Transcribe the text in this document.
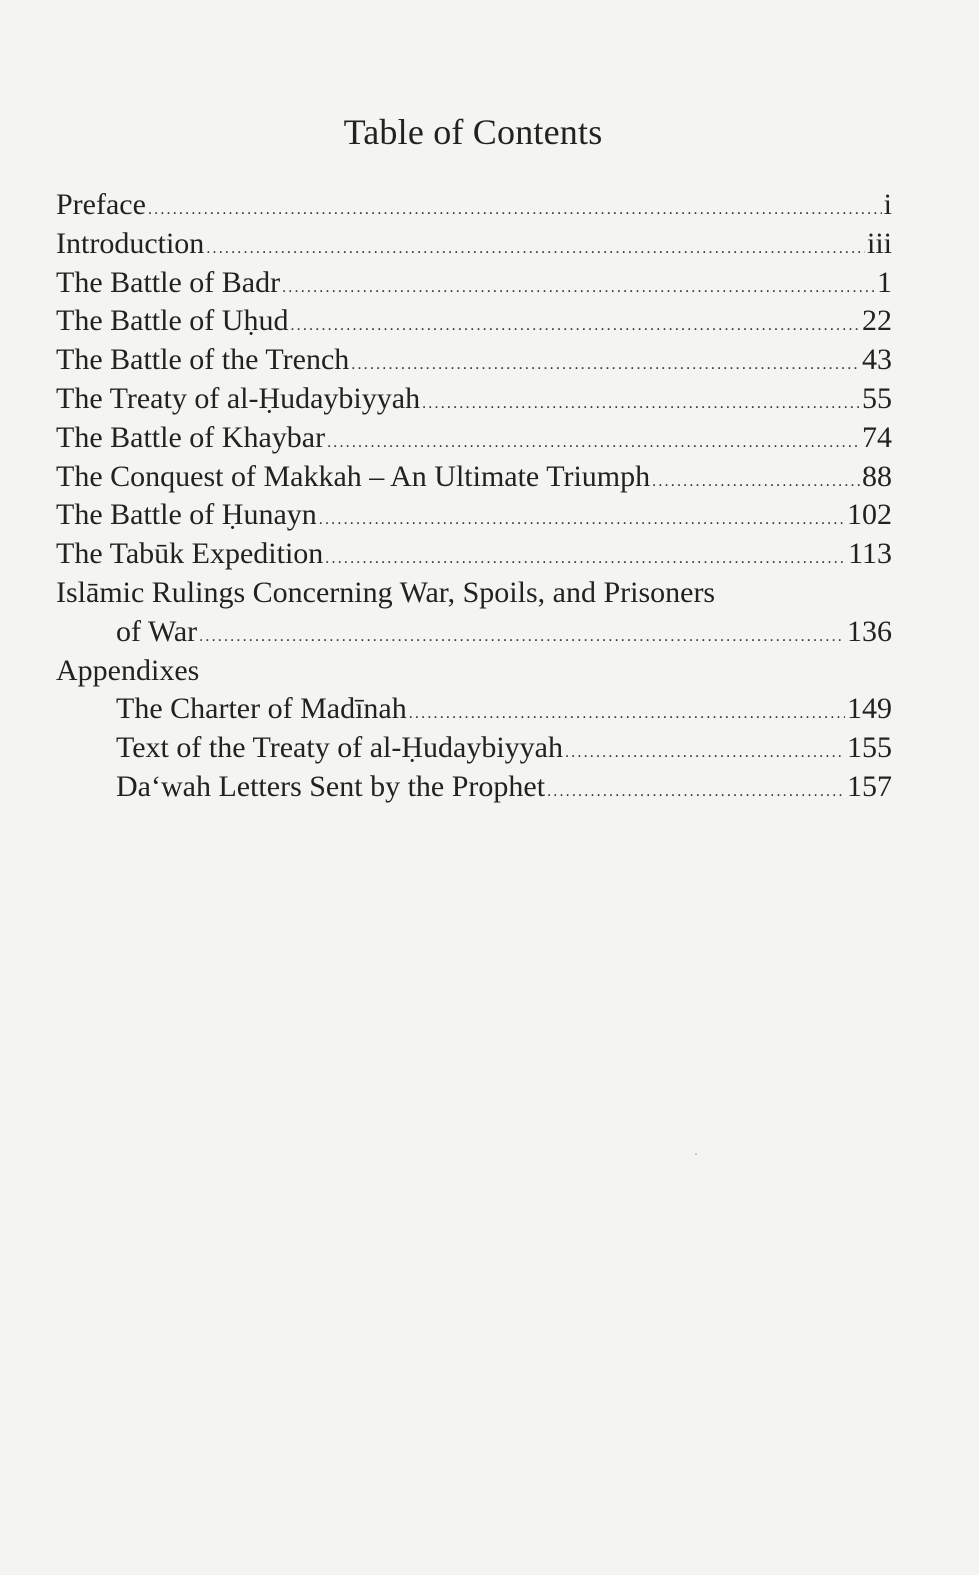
Table of Contents
Preface .....	i
Introduction .....	iii
The Battle of Badr .....	1
The Battle of Uḥud .....	22
The Battle of the Trench .....	43
The Treaty of al-Ḥudaybiyyah .....	55
The Battle of Khaybar .....	74
The Conquest of Makkah – An Ultimate Triumph .....	88
The Battle of Ḥunayn .....	102
The Tabūk Expedition .....	113
Islāmic Rulings Concerning War, Spoils, and Prisoners
of War .....	136
Appendixes
The Charter of Madīnah .....	149
Text of the Treaty of al-Ḥudaybiyyah .....	155
Da‘wah Letters Sent by the Prophet .....	157
